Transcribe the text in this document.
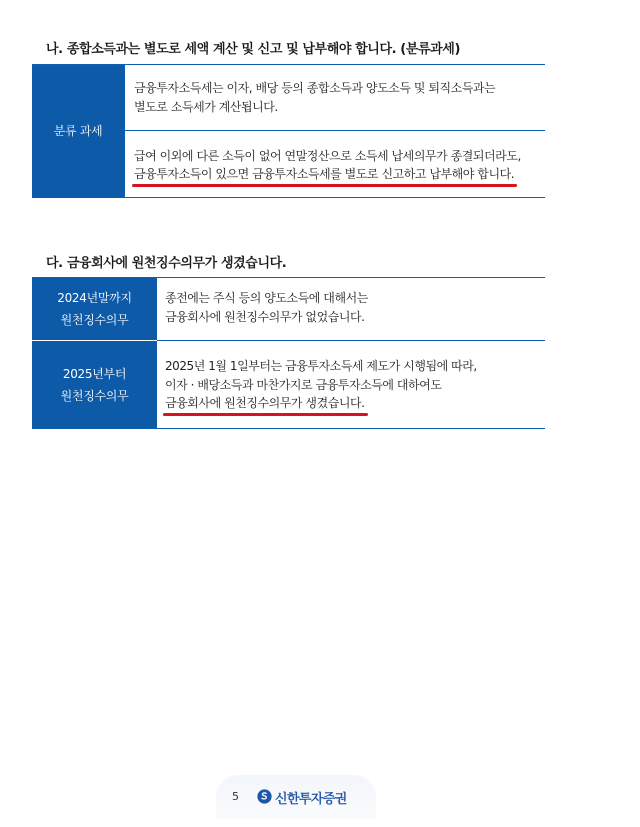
나. 종합소득과는 별도로 세액 계산 및 신고 및 납부해야 합니다. (분류과세)
분류 과세
금융투자소득세는 이자, 배당 등의 종합소득과 양도소득 및 퇴직소득과는
별도로 소득세가 계산됩니다.
급여 이외에 다른 소득이 없어 연말정산으로 소득세 납세의무가 종결되더라도,
금융투자소득이 있으면 금융투자소득세를 별도로 신고하고 납부해야 합니다.
다. 금융회사에 원천징수의무가 생겼습니다.
2024년말까지
원천징수의무
종전에는 주식 등의 양도소득에 대해서는
금융회사에 원천징수의무가 없었습니다.
2025년부터
원천징수의무
2025년 1월 1일부터는 금융투자소득세 제도가 시행됨에 따라,
이자 · 배당소득과 마찬가지로 금융투자소득에 대하여도
금융회사에 원천징수의무가 생겼습니다.
5	신한투자증권
